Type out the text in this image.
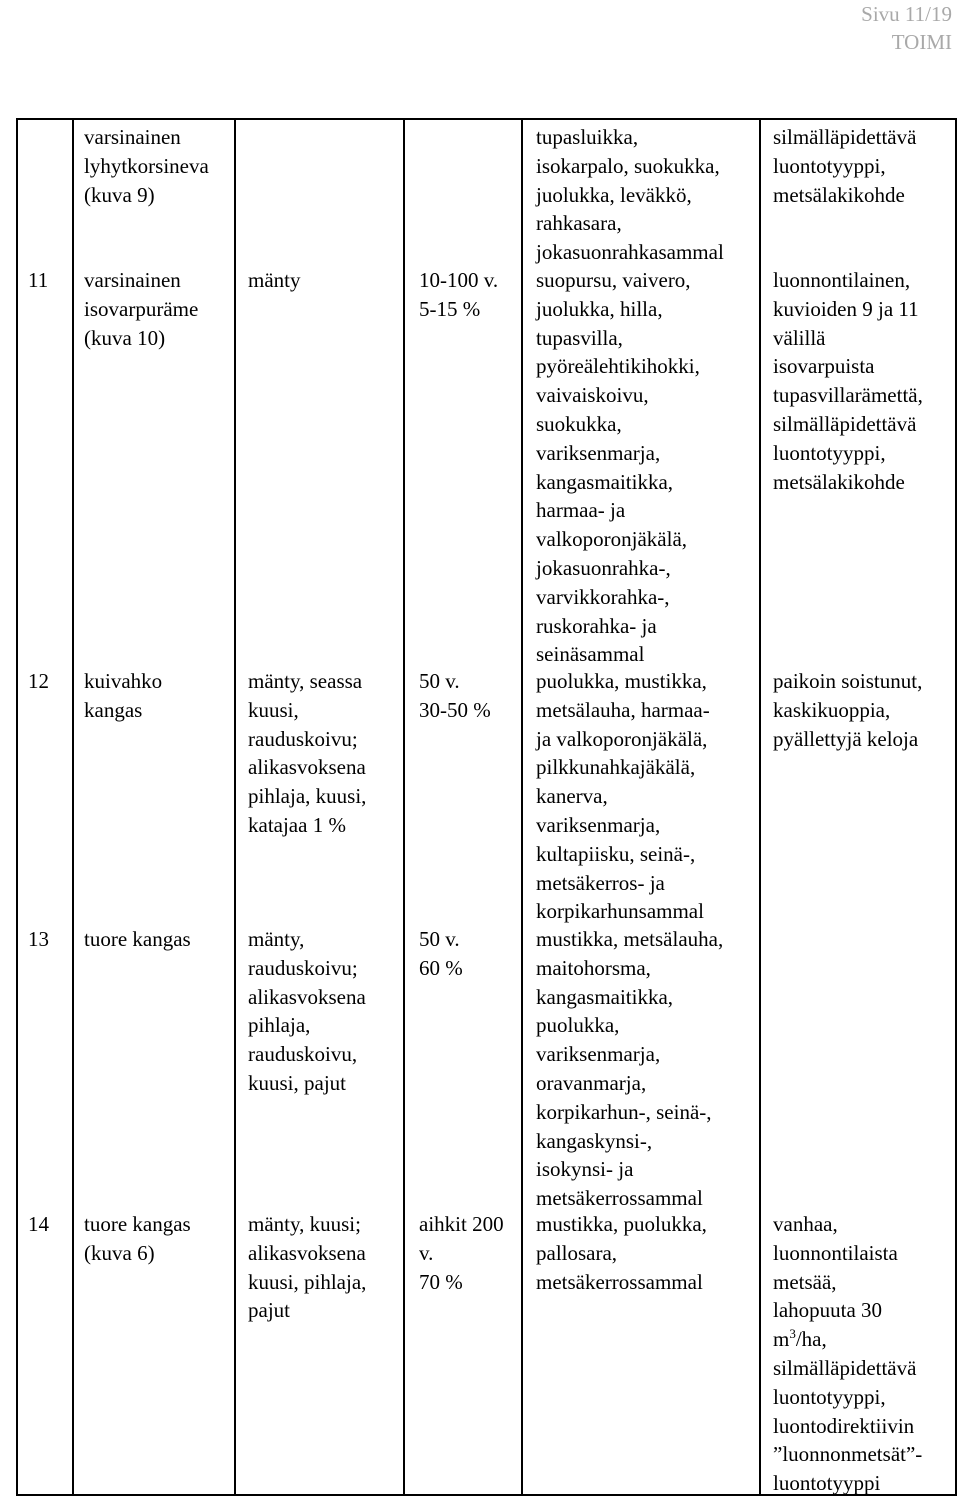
Sivu 11/19
TOIMI
varsinainen
lyhytkorsineva
(kuva 9)
tupasluikka,
isokarpalo, suokukka,
juolukka, leväkkö,
rahkasara,
jokasuonrahkasammal
silmälläpidettävä
luontotyyppi,
metsälakikohde
11 varsinainen
isovarpuräme
(kuva 10)
mänty	10-100 v.
5-15 %
suopursu, vaivero,
juolukka, hilla,
tupasvilla,
pyöreälehtikihokki,
vaivaiskoivu,
suokukka,
variksenmarja,
kangasmaitikka,
harmaa- ja
valkoporonjäkälä,
jokasuonrahka-,
varvikkorahka-,
ruskorahka- ja
seinäsammal
luonnontilainen,
kuvioiden 9 ja 11
välillä
isovarpuista
tupasvillarämettä,
silmälläpidettävä
luontotyyppi,
metsälakikohde
12 kuivahko
kangas
mänty, seassa
kuusi,
rauduskoivu;
alikasvoksena
pihlaja, kuusi,
katajaa 1 %
50 v.
30-50 %
puolukka, mustikka,
metsälauha, harmaa-
ja valkoporonjäkälä,
pilkkunahkajäkälä,
kanerva,
variksenmarja,
kultapiisku, seinä-,
metsäkerros- ja
korpikarhunsammal
paikoin soistunut,
kaskikuoppia,
pyällettyjä keloja
13 tuore kangas	mänty,
rauduskoivu;
alikasvoksena
pihlaja,
rauduskoivu,
kuusi, pajut
50 v.
60 %
mustikka, metsälauha,
maitohorsma,
kangasmaitikka,
puolukka,
variksenmarja,
oravanmarja,
korpikarhun-, seinä-,
kangaskynsi-,
isokynsi- ja
metsäkerrossammal
14 tuore kangas
(kuva 6)
mänty, kuusi;
alikasvoksena
kuusi, pihlaja,
pajut
aihkit 200
v.
70 %
mustikka, puolukka,
pallosara,
metsäkerrossammal
vanhaa,
luonnontilaista
metsää,
lahopuuta 30
$m^3/ha$,
silmälläpidettävä
luontotyyppi,
luontodirektiivin
”luonnonmetsät”-
luontotyyppi
